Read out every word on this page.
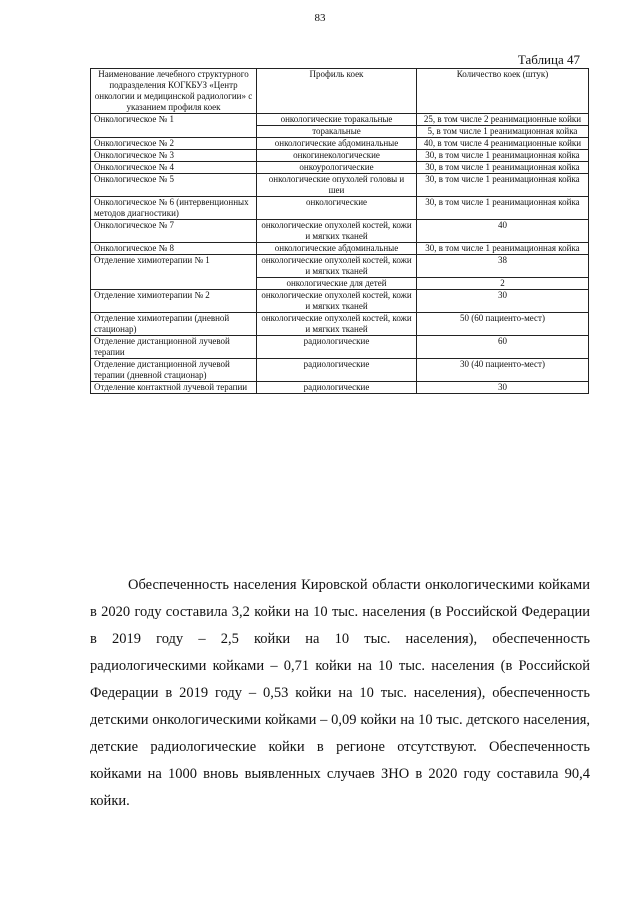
83
Таблица 47
Наименование лечебного структурного подразделения КОГКБУЗ «Центр онкологии и медицинской радиологии» с указанием профиля коек	Профиль коек	Количество коек (штук)
Онкологическое № 1	онкологические торакальные	25, в том числе 2 реанимационные койки
	торакальные	5, в том числе 1 реанимационная койка
Онкологическое № 2	онкологические абдоминальные	40, в том числе 4 реанимационные койки
Онкологическое № 3	онкогинекологические	30, в том числе 1 реанимационная койка
Онкологическое № 4	онкоурологические	30, в том числе 1 реанимационная койка
Онкологическое № 5	онкологические опухолей головы и шеи	30, в том числе 1 реанимационная койка
Онкологическое № 6 (интервенционных методов диагностики)	онкологические	30, в том числе 1 реанимационная койка
Онкологическое № 7	онкологические опухолей костей, кожи и мягких тканей	40
Онкологическое № 8	онкологические абдоминальные	30, в том числе 1 реанимационная койка
Отделение химиотерапии № 1	онкологические опухолей костей, кожи и мягких тканей	38
	онкологические для детей	2
Отделение химиотерапии № 2	онкологические опухолей костей, кожи и мягких тканей	30
Отделение химиотерапии (дневной стационар)	онкологические опухолей костей, кожи и мягких тканей	50 (60 пациенто-мест)
Отделение дистанционной лучевой терапии	радиологические	60
Отделение дистанционной лучевой терапии (дневной стационар)	радиологические	30 (40 пациенто-мест)
Отделение контактной лучевой терапии	радиологические	30

Обеспеченность населения Кировской области онкологическими койками в 2020 году составила 3,2 койки на 10 тыс. населения (в Российской Федерации в 2019 году – 2,5 койки на 10 тыс. населения), обеспеченность радиологическими койками – 0,71 койки на 10 тыс. населения (в Российской Федерации в 2019 году – 0,53 койки на 10 тыс. населения), обеспеченность детскими онкологическими койками – 0,09 койки на 10 тыс. детского населения, детские радиологические койки в регионе отсутствуют. Обеспеченность койками на 1000 вновь выявленных случаев ЗНО в 2020 году составила 90,4 койки.
